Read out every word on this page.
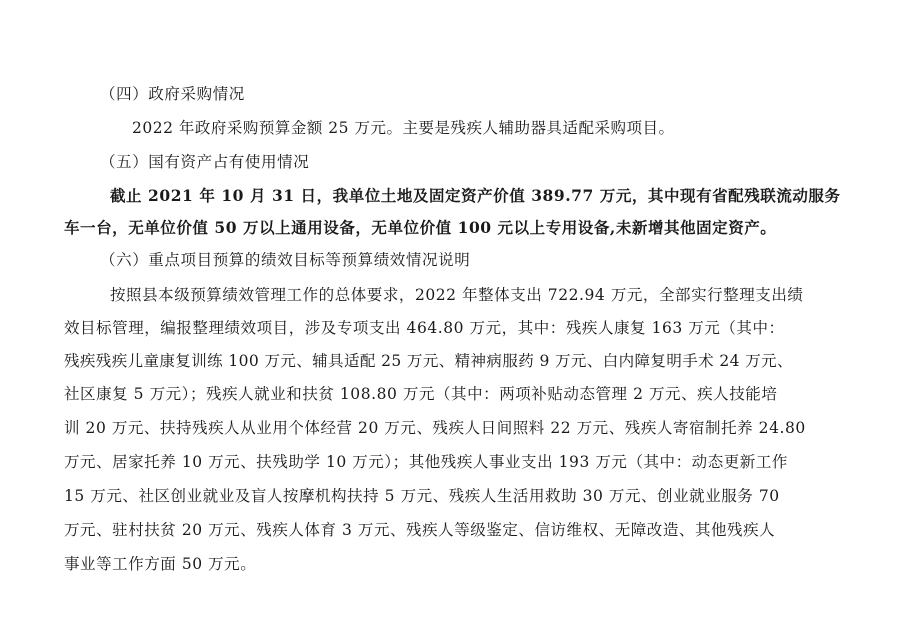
（四）政府采购情况
2022 年政府采购预算金额 25 万元。主要是残疾人辅助器具适配采购项目。
（五）国有资产占有使用情况
截止 2021 年 10 月 31 日，我单位土地及固定资产价值 389.77 万元，其中现有省配残联流动服务
车一台，无单位价值 50 万以上通用设备，无单位价值 100 元以上专用设备,未新增其他固定资产。
（六）重点项目预算的绩效目标等预算绩效情况说明
按照县本级预算绩效管理工作的总体要求，2022 年整体支出 722.94 万元，全部实行整理支出绩
效目标管理，编报整理绩效项目，涉及专项支出 464.80 万元，其中：残疾人康复 163 万元（其中：
残疾残疾儿童康复训练 100 万元、辅具适配 25 万元、精神病服药 9 万元、白内障复明手术 24 万元、
社区康复 5 万元）；残疾人就业和扶贫 108.80 万元（其中：两项补贴动态管理 2 万元、疾人技能培
训 20 万元、扶持残疾人从业用个体经营 20 万元、残疾人日间照料 22 万元、残疾人寄宿制托养 24.80
万元、居家托养 10 万元、扶残助学 10 万元）；其他残疾人事业支出 193 万元（其中：动态更新工作
15 万元、社区创业就业及盲人按摩机构扶持 5 万元、残疾人生活用救助 30 万元、创业就业服务 70
万元、驻村扶贫 20 万元、残疾人体育 3 万元、残疾人等级鉴定、信访维权、无障改造、其他残疾人
事业等工作方面 50 万元。
